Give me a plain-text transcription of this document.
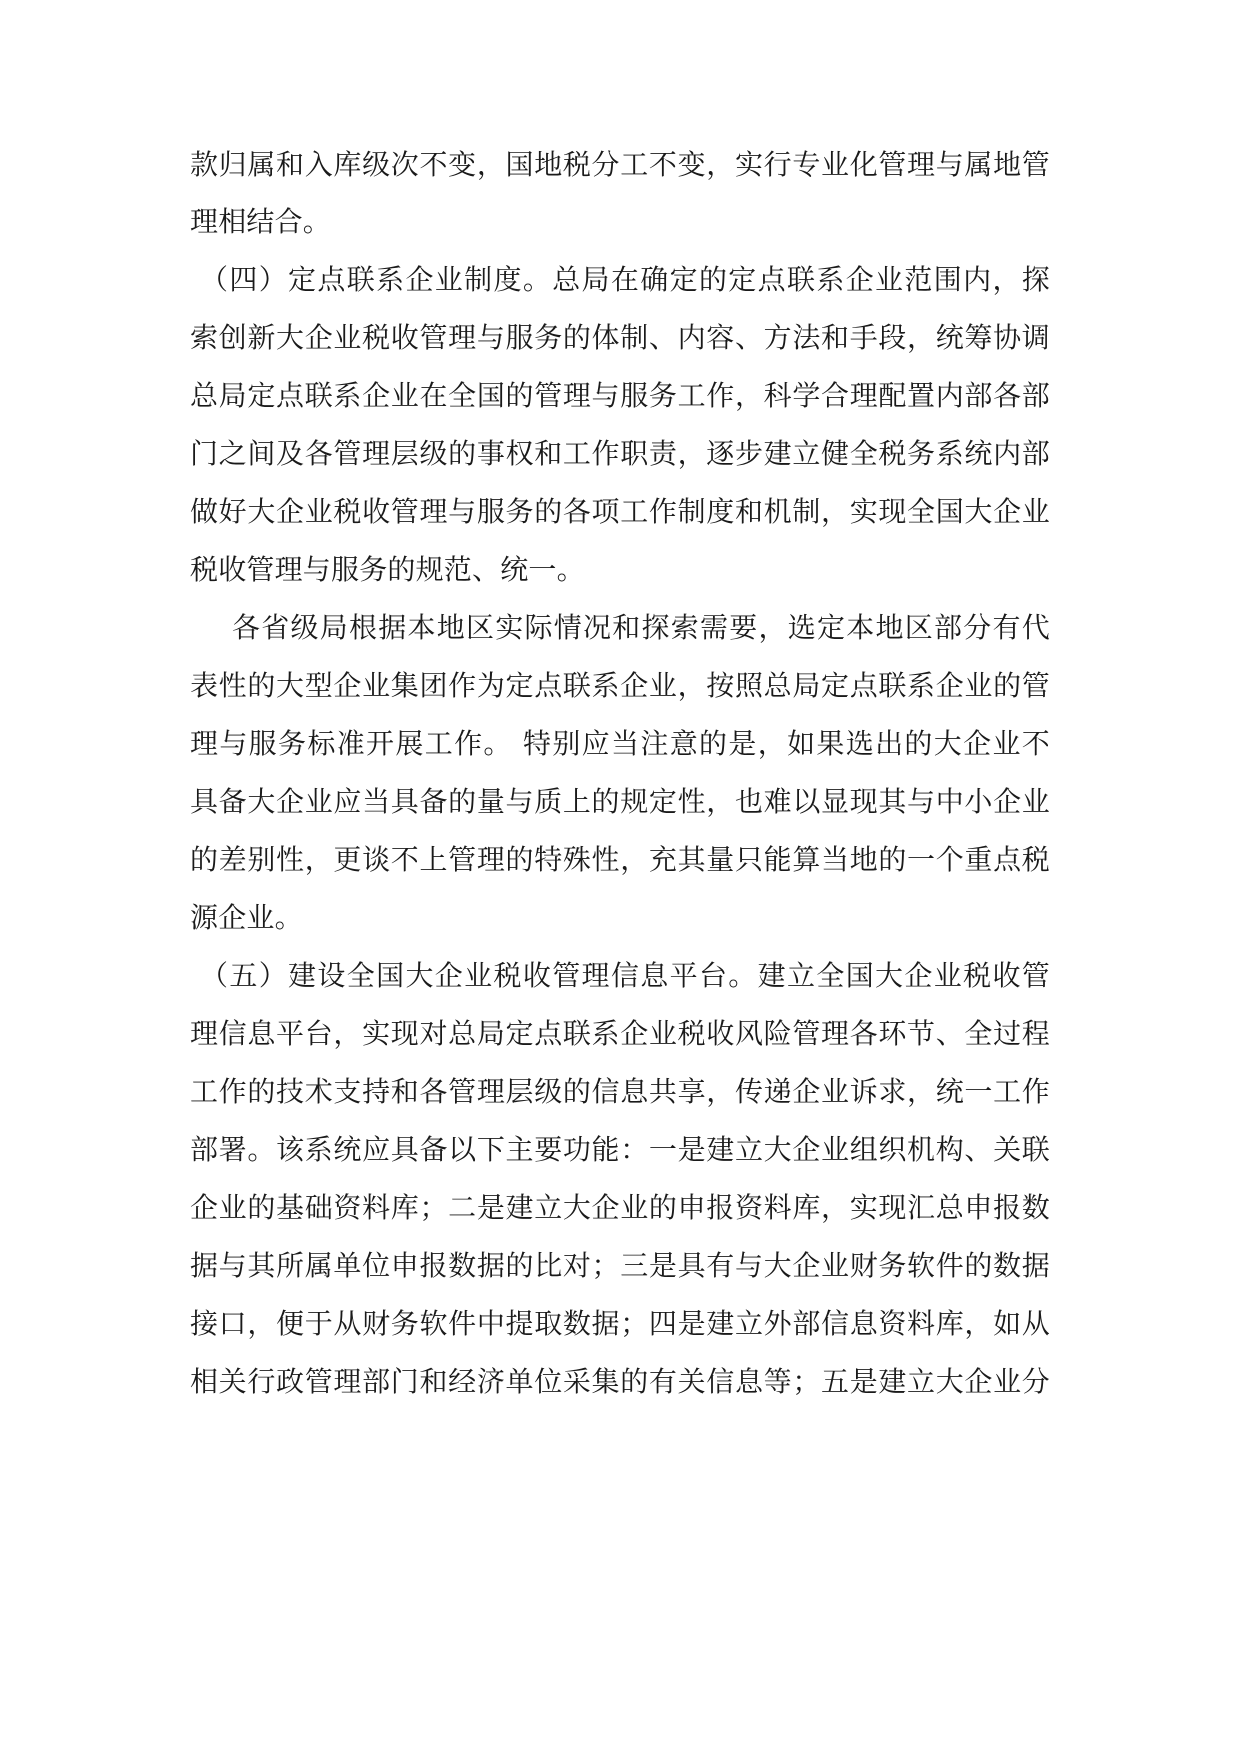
款归属和入库级次不变，国地税分工不变，实行专业化管理与属地管
理相结合。
（四）定点联系企业制度。总局在确定的定点联系企业范围内，探
索创新大企业税收管理与服务的体制、内容、方法和手段，统筹协调
总局定点联系企业在全国的管理与服务工作，科学合理配置内部各部
门之间及各管理层级的事权和工作职责，逐步建立健全税务系统内部
做好大企业税收管理与服务的各项工作制度和机制，实现全国大企业
税收管理与服务的规范、统一。
各省级局根据本地区实际情况和探索需要，选定本地区部分有代
表性的大型企业集团作为定点联系企业，按照总局定点联系企业的管
理与服务标准开展工作。 特别应当注意的是，如果选出的大企业不
具备大企业应当具备的量与质上的规定性，也难以显现其与中小企业
的差别性，更谈不上管理的特殊性，充其量只能算当地的一个重点税
源企业。
（五）建设全国大企业税收管理信息平台。建立全国大企业税收管
理信息平台，实现对总局定点联系企业税收风险管理各环节、全过程
工作的技术支持和各管理层级的信息共享，传递企业诉求，统一工作
部署。该系统应具备以下主要功能：一是建立大企业组织机构、关联
企业的基础资料库；二是建立大企业的申报资料库，实现汇总申报数
据与其所属单位申报数据的比对；三是具有与大企业财务软件的数据
接口，便于从财务软件中提取数据；四是建立外部信息资料库，如从
相关行政管理部门和经济单位采集的有关信息等；五是建立大企业分
